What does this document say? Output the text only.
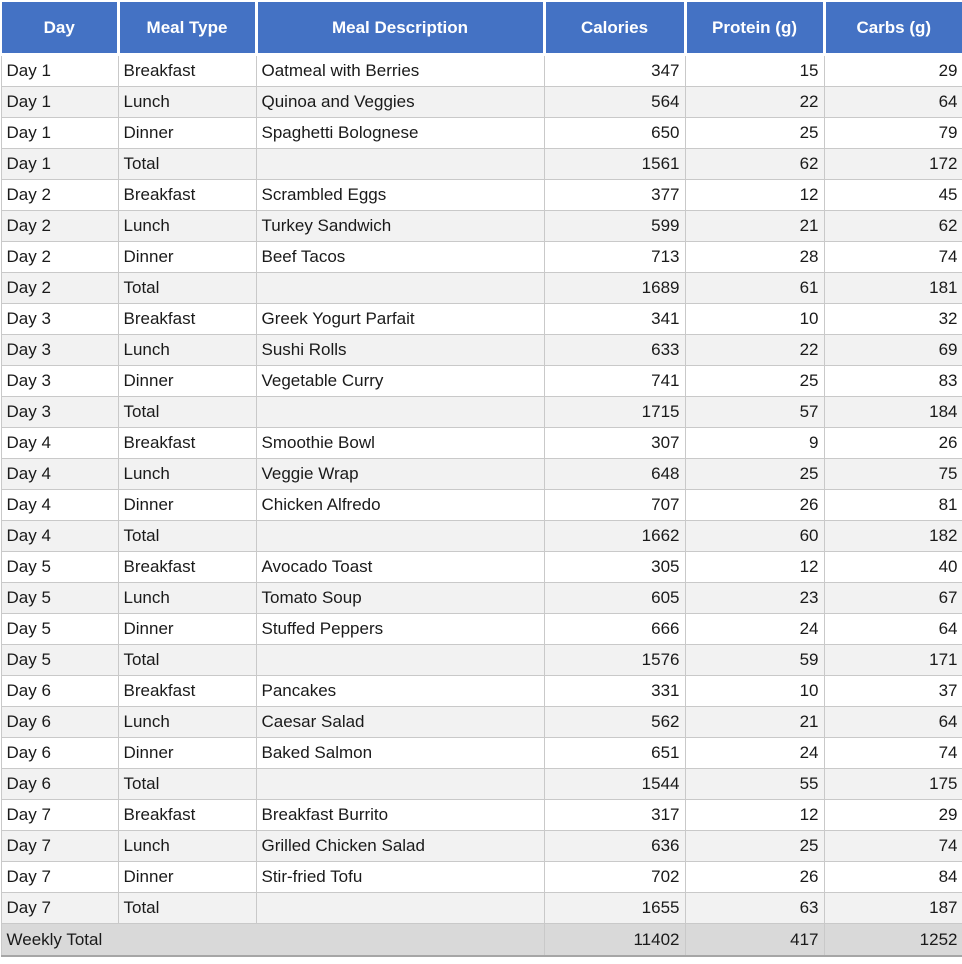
Day	Meal Type	Meal Description	Calories	Protein (g)	Carbs (g)
Day 1	Breakfast	Oatmeal with Berries	347	15	29
Day 1	Lunch	Quinoa and Veggies	564	22	64
Day 1	Dinner	Spaghetti Bolognese	650	25	79
Day 1	Total		1561	62	172
Day 2	Breakfast	Scrambled Eggs	377	12	45
Day 2	Lunch	Turkey Sandwich	599	21	62
Day 2	Dinner	Beef Tacos	713	28	74
Day 2	Total		1689	61	181
Day 3	Breakfast	Greek Yogurt Parfait	341	10	32
Day 3	Lunch	Sushi Rolls	633	22	69
Day 3	Dinner	Vegetable Curry	741	25	83
Day 3	Total		1715	57	184
Day 4	Breakfast	Smoothie Bowl	307	9	26
Day 4	Lunch	Veggie Wrap	648	25	75
Day 4	Dinner	Chicken Alfredo	707	26	81
Day 4	Total		1662	60	182
Day 5	Breakfast	Avocado Toast	305	12	40
Day 5	Lunch	Tomato Soup	605	23	67
Day 5	Dinner	Stuffed Peppers	666	24	64
Day 5	Total		1576	59	171
Day 6	Breakfast	Pancakes	331	10	37
Day 6	Lunch	Caesar Salad	562	21	64
Day 6	Dinner	Baked Salmon	651	24	74
Day 6	Total		1544	55	175
Day 7	Breakfast	Breakfast Burrito	317	12	29
Day 7	Lunch	Grilled Chicken Salad	636	25	74
Day 7	Dinner	Stir-fried Tofu	702	26	84
Day 7	Total		1655	63	187
Weekly Total			11402	417	1252
